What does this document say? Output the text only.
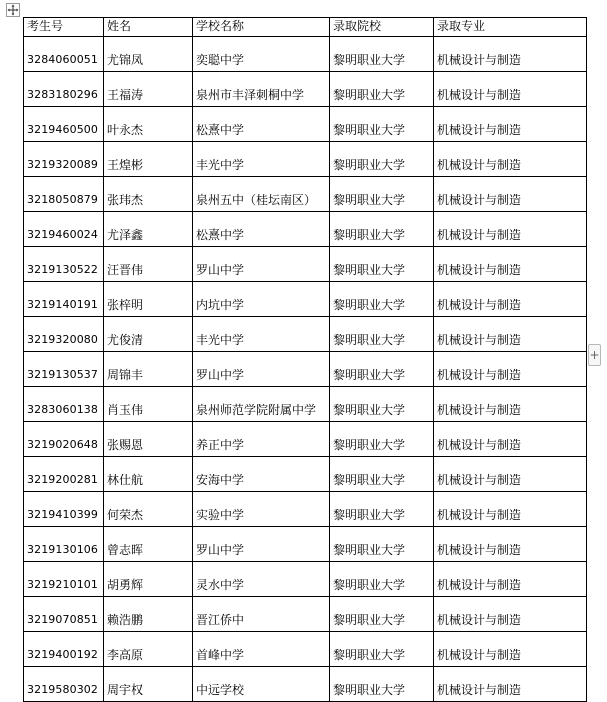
考生号	姓名	学校名称	录取院校	录取专业
3284060051	尤锦凤	奕聪中学	黎明职业大学	机械设计与制造
3283180296	王福涛	泉州市丰泽刺桐中学	黎明职业大学	机械设计与制造
3219460500	叶永杰	松熹中学	黎明职业大学	机械设计与制造
3219320089	王煌彬	丰光中学	黎明职业大学	机械设计与制造
3218050879	张玮杰	泉州五中（桂坛南区）	黎明职业大学	机械设计与制造
3219460024	尤泽鑫	松熹中学	黎明职业大学	机械设计与制造
3219130522	汪晋伟	罗山中学	黎明职业大学	机械设计与制造
3219140191	张梓明	内坑中学	黎明职业大学	机械设计与制造
3219320080	尤俊清	丰光中学	黎明职业大学	机械设计与制造
3219130537	周锦丰	罗山中学	黎明职业大学	机械设计与制造
3283060138	肖玉伟	泉州师范学院附属中学	黎明职业大学	机械设计与制造
3219020648	张赐恩	养正中学	黎明职业大学	机械设计与制造
3219200281	林仕航	安海中学	黎明职业大学	机械设计与制造
3219410399	何荣杰	实验中学	黎明职业大学	机械设计与制造
3219130106	曾志晖	罗山中学	黎明职业大学	机械设计与制造
3219210101	胡勇辉	灵水中学	黎明职业大学	机械设计与制造
3219070851	赖浩鹏	晋江侨中	黎明职业大学	机械设计与制造
3219400192	李高原	首峰中学	黎明职业大学	机械设计与制造
3219580302	周宇权	中远学校	黎明职业大学	机械设计与制造
+
